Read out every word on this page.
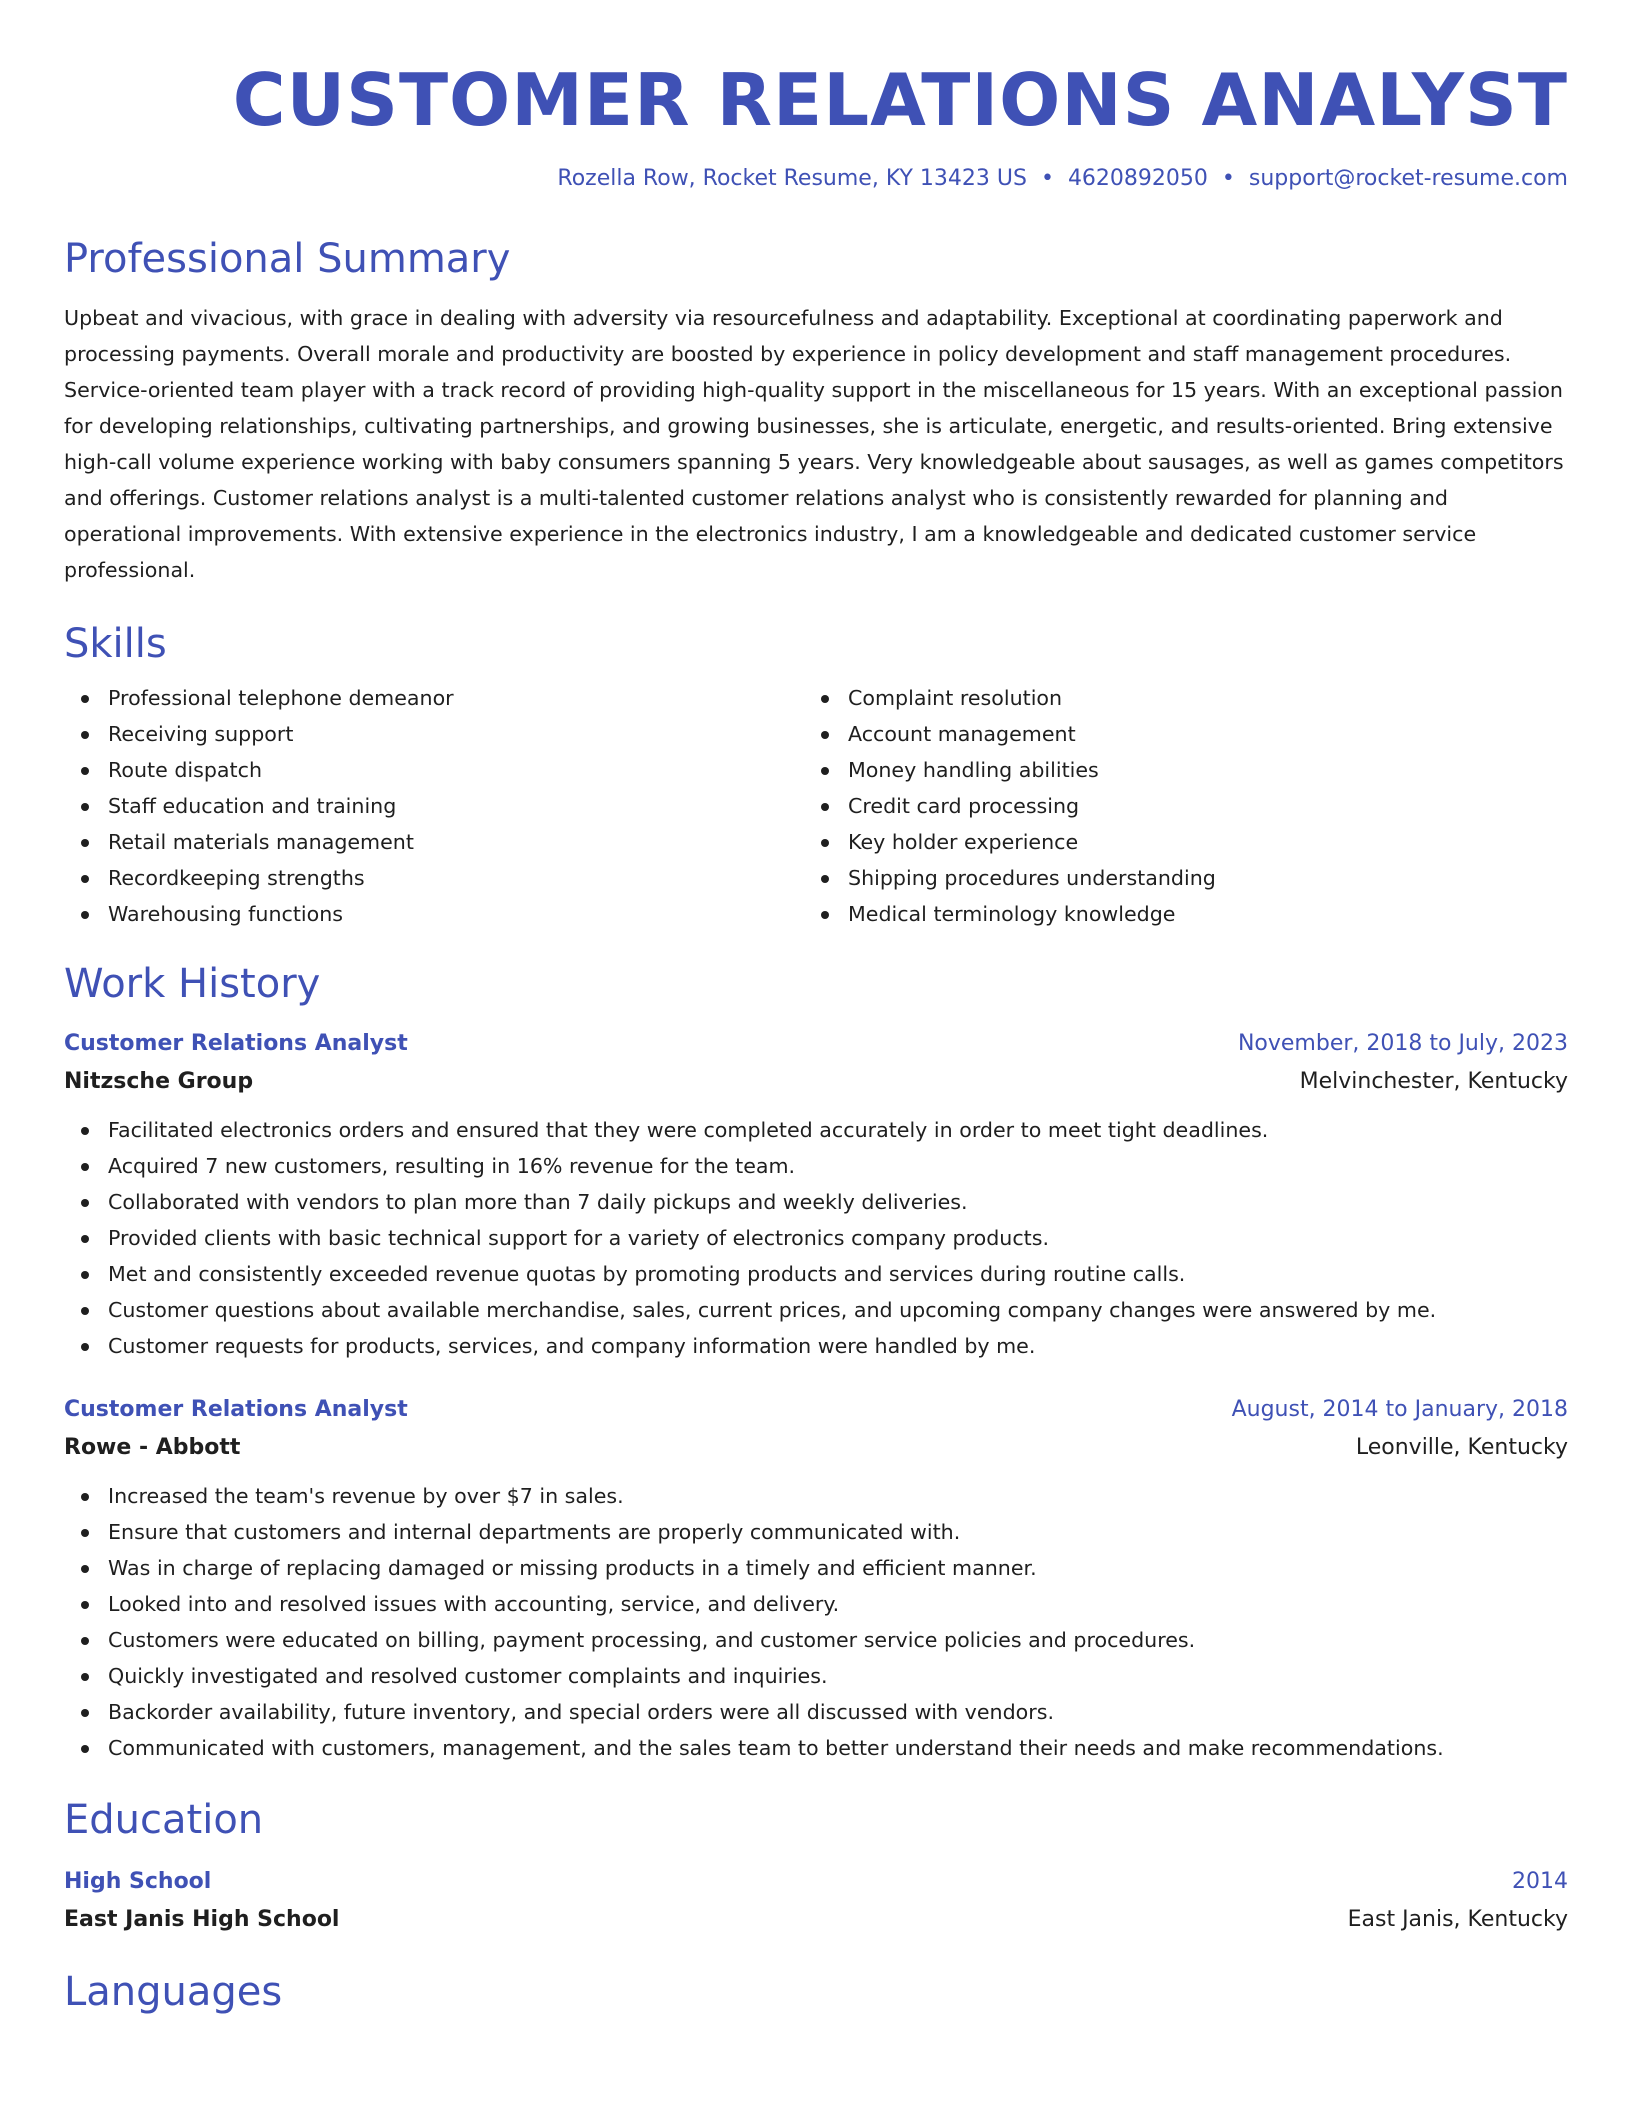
CUSTOMER RELATIONS ANALYST
Rozella Row, Rocket Resume, KY 13423 US • 4620892050 • support@rocket-resume.com
Professional Summary

Upbeat and vivacious, with grace in dealing with adversity via resourcefulness and adaptability. Exceptional at coordinating paperwork and processing payments. Overall morale and productivity are boosted by experience in policy development and staff management procedures. Service-oriented team player with a track record of providing high-quality support in the miscellaneous for 15 years. With an exceptional passion for developing relationships, cultivating partnerships, and growing businesses, she is articulate, energetic, and results-oriented. Bring extensive high-call volume experience working with baby consumers spanning 5 years. Very knowledgeable about sausages, as well as games competitors and offerings. Customer relations analyst is a multi-talented customer relations analyst who is consistently rewarded for planning and operational improvements. With extensive experience in the electronics industry, I am a knowledgeable and dedicated customer service professional.

Skills
Professional telephone demeanor
Receiving support
Route dispatch
Staff education and training
Retail materials management
Recordkeeping strengths
Warehousing functions
Complaint resolution
Account management
Money handling abilities
Credit card processing
Key holder experience
Shipping procedures understanding
Medical terminology knowledge
Work History
Customer Relations Analyst	November, 2018 to July, 2023
Nitzsche Group	Melvinchester, Kentucky
Facilitated electronics orders and ensured that they were completed accurately in order to meet tight deadlines.
Acquired 7 new customers, resulting in 16% revenue for the team.
Collaborated with vendors to plan more than 7 daily pickups and weekly deliveries.
Provided clients with basic technical support for a variety of electronics company products.
Met and consistently exceeded revenue quotas by promoting products and services during routine calls.
Customer questions about available merchandise, sales, current prices, and upcoming company changes were answered by me.
Customer requests for products, services, and company information were handled by me.
Customer Relations Analyst	August, 2014 to January, 2018
Rowe - Abbott	Leonville, Kentucky
Increased the team's revenue by over $7 in sales.
Ensure that customers and internal departments are properly communicated with.
Was in charge of replacing damaged or missing products in a timely and efficient manner.
Looked into and resolved issues with accounting, service, and delivery.
Customers were educated on billing, payment processing, and customer service policies and procedures.
Quickly investigated and resolved customer complaints and inquiries.
Backorder availability, future inventory, and special orders were all discussed with vendors.
Communicated with customers, management, and the sales team to better understand their needs and make recommendations.
Education
High School	2014
East Janis High School	East Janis, Kentucky
Languages
